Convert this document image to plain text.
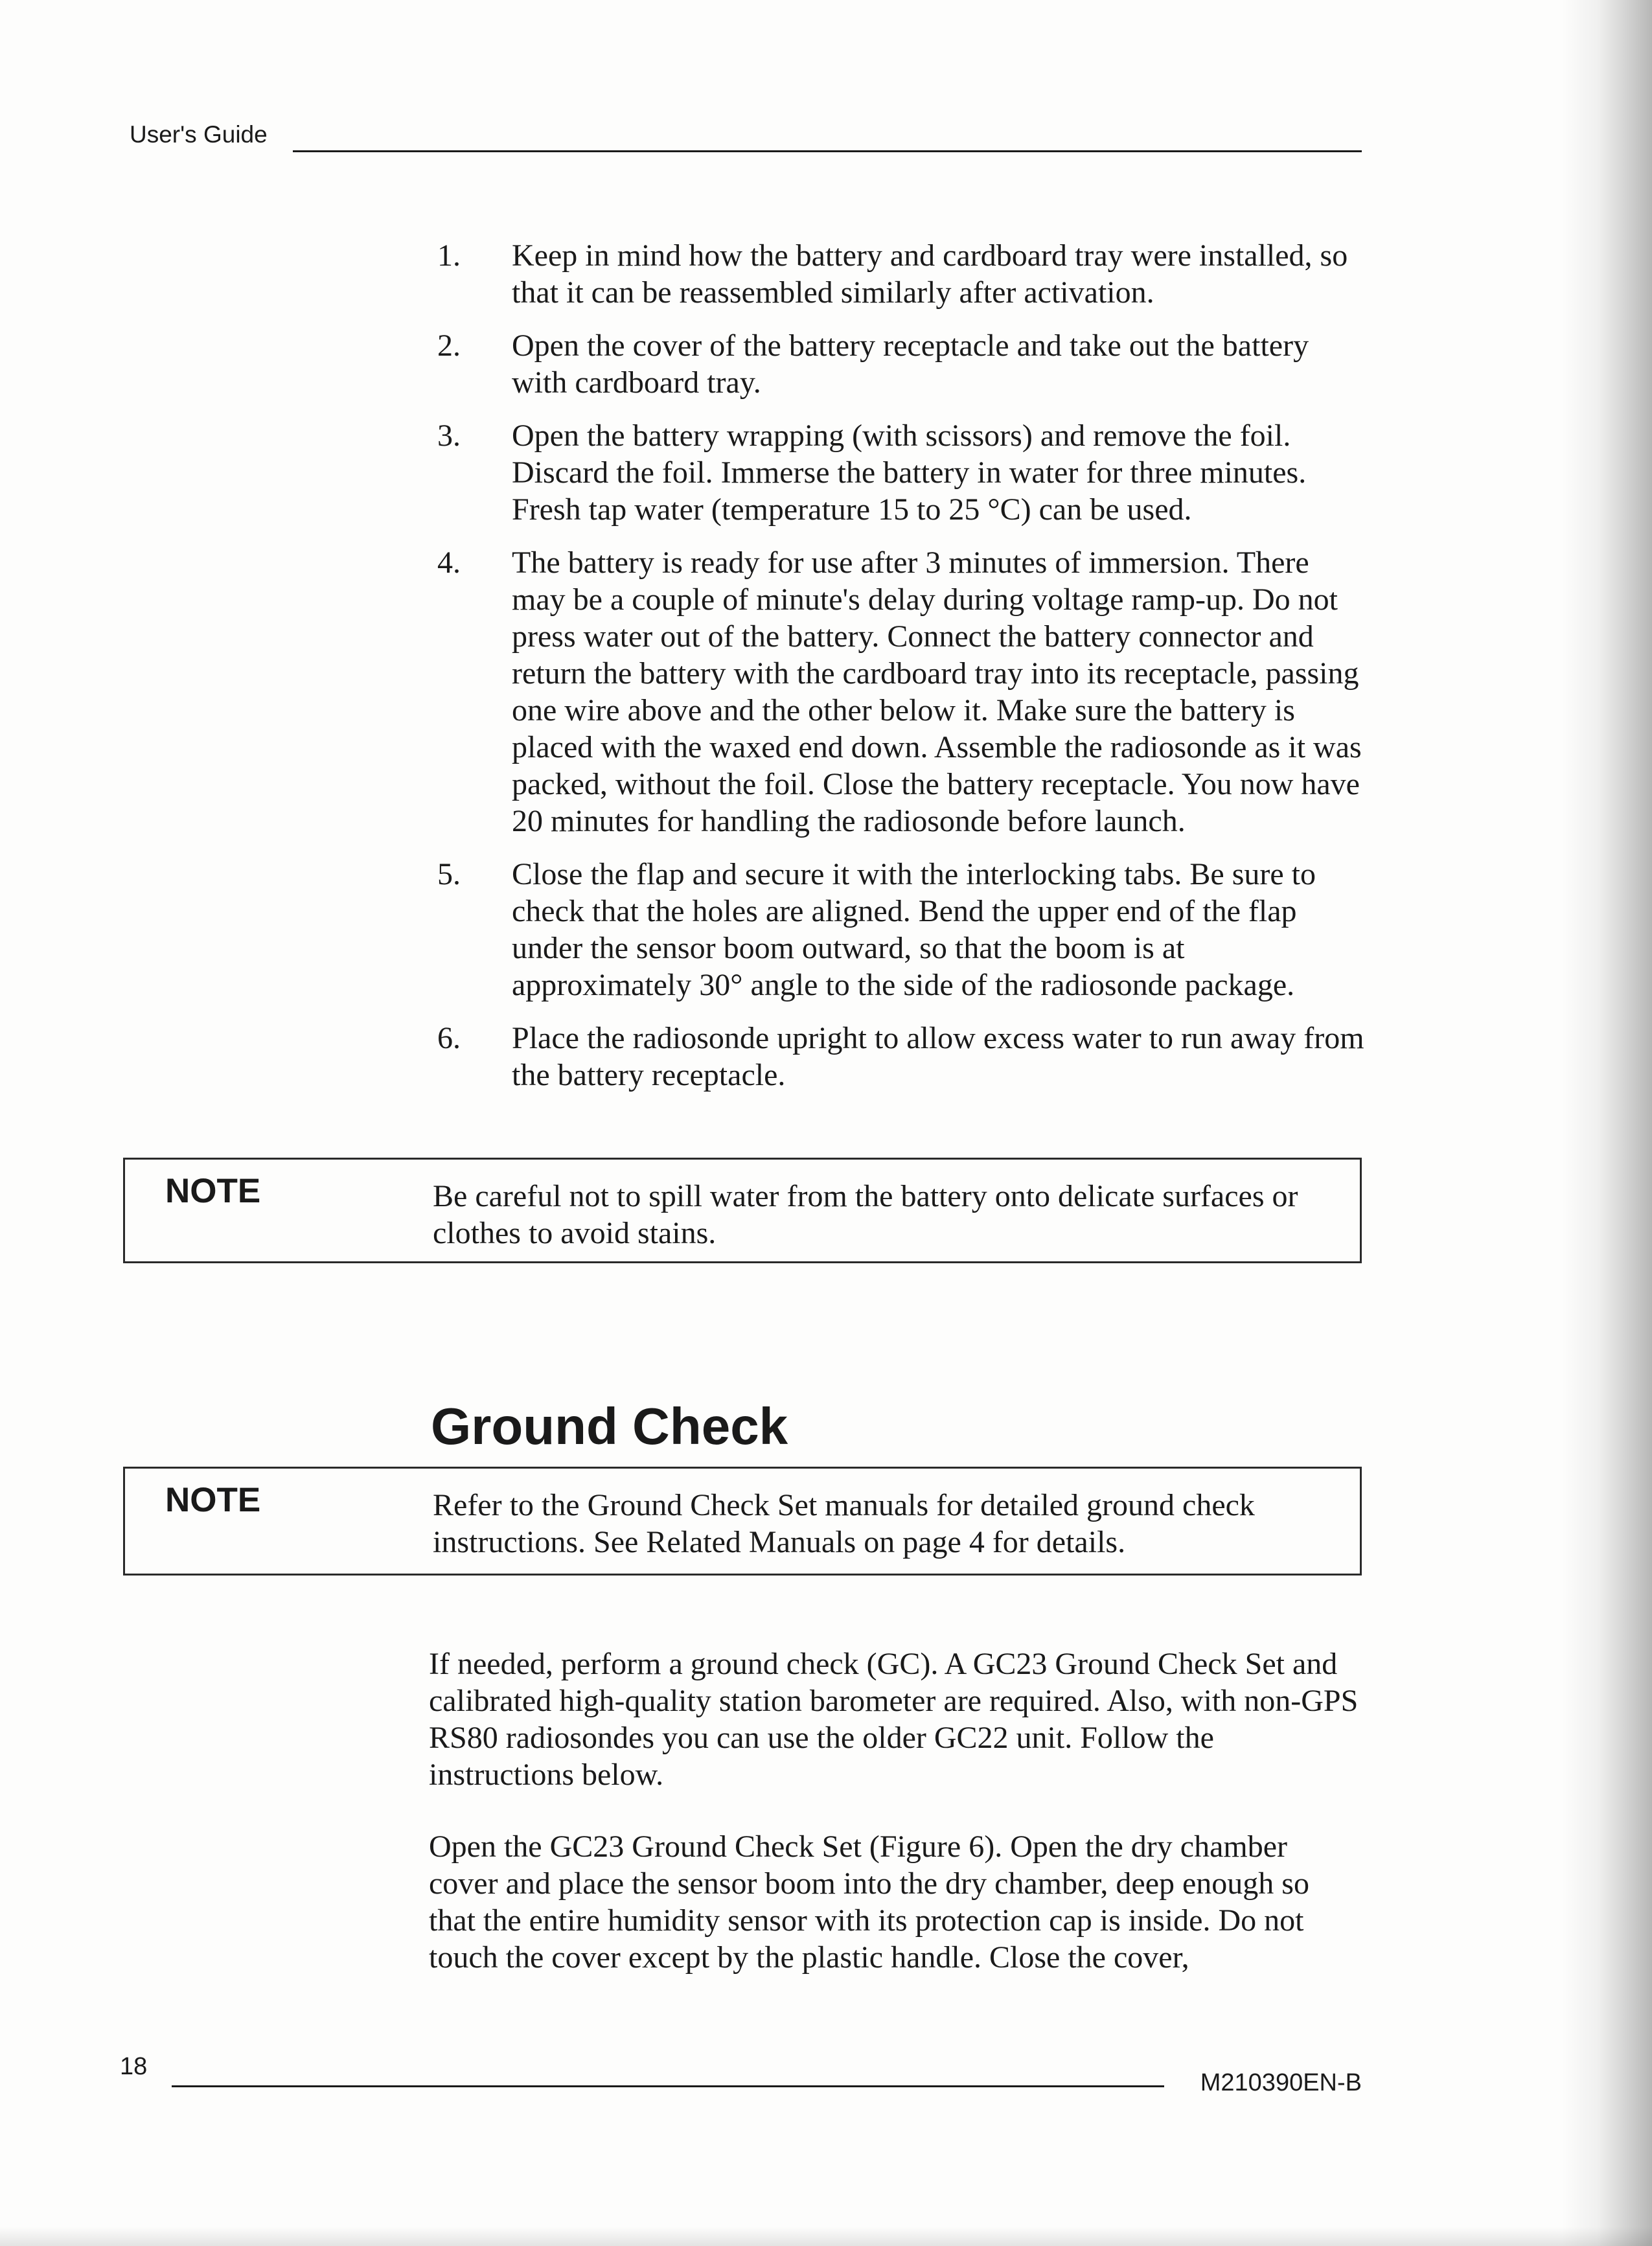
User's Guide
1. Keep in mind how the battery and cardboard tray were installed, so that it can be reassembled similarly after activation.
2. Open the cover of the battery receptacle and take out the battery with cardboard tray.
3. Open the battery wrapping (with scissors) and remove the foil. Discard the foil. Immerse the battery in water for three minutes. Fresh tap water (temperature 15 to 25 °C) can be used.
4. The battery is ready for use after 3 minutes of immersion. There may be a couple of minute's delay during voltage ramp-up. Do not press water out of the battery. Connect the battery connector and return the battery with the cardboard tray into its receptacle, passing one wire above and the other below it. Make sure the battery is placed with the waxed end down. Assemble the radiosonde as it was packed, without the foil. Close the battery receptacle. You now have 20 minutes for handling the radiosonde before launch.
5. Close the flap and secure it with the interlocking tabs. Be sure to check that the holes are aligned. Bend the upper end of the flap under the sensor boom outward, so that the boom is at approximately 30° angle to the side of the radiosonde package.
6. Place the radiosonde upright to allow excess water to run away from the battery receptacle.
NOTE	Be careful not to spill water from the battery onto delicate surfaces or clothes to avoid stains.
Ground Check
NOTE	Refer to the Ground Check Set manuals for detailed ground check instructions. See Related Manuals on page 4 for details.

If needed, perform a ground check (GC). A GC23 Ground Check Set and calibrated high-quality station barometer are required. Also, with non-GPS RS80 radiosondes you can use the older GC22 unit. Follow the instructions below.

Open the GC23 Ground Check Set (Figure 6). Open the dry chamber cover and place the sensor boom into the dry chamber, deep enough so that the entire humidity sensor with its protection cap is inside. Do not touch the cover except by the plastic handle. Close the cover,

18
M210390EN-B
